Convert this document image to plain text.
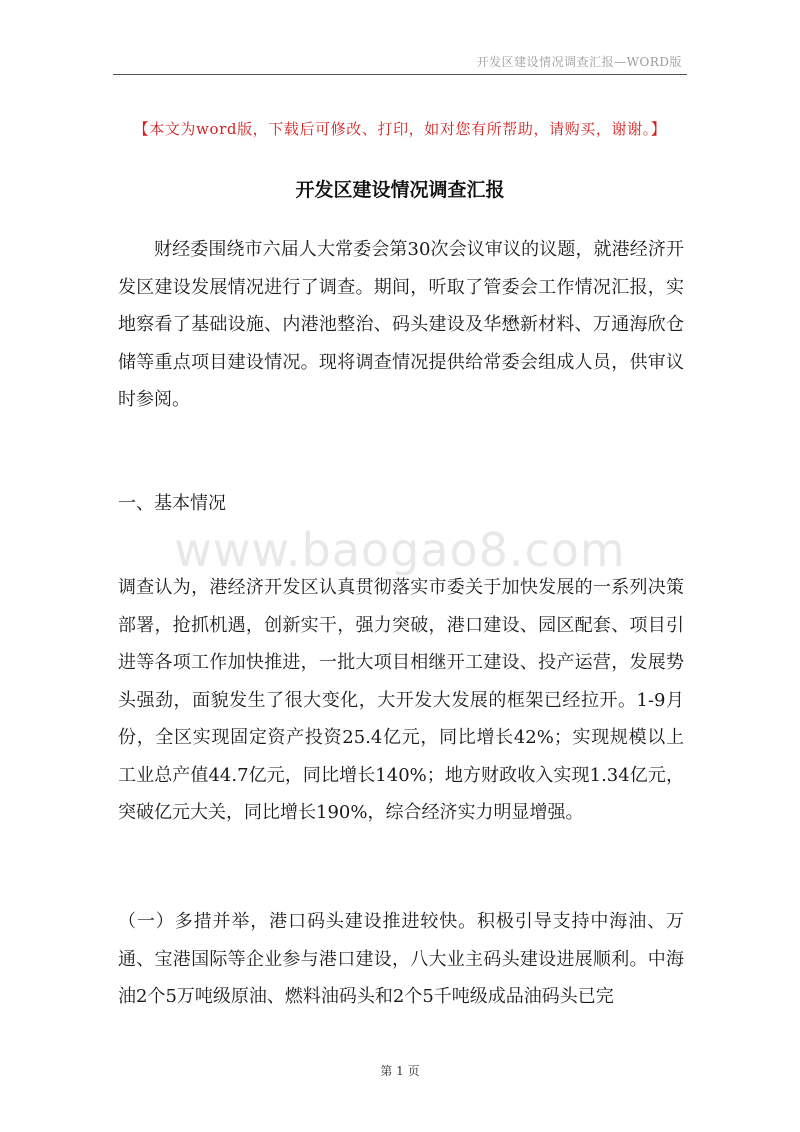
开发区建设情况调查汇报—WORD版
【本文为word版，下载后可修改、打印，如对您有所帮助，请购买，谢谢。】
开发区建设情况调查汇报
财经委围绕市六届人大常委会第30次会议审议的议题，就港经济开发区建设发展情况进行了调查。期间，听取了管委会工作情况汇报，实地察看了基础设施、内港池整治、码头建设及华懋新材料、万通海欣仓储等重点项目建设情况。现将调查情况提供给常委会组成人员，供审议时参阅。
一、基本情况
www.baogao8.com
调查认为，港经济开发区认真贯彻落实市委关于加快发展的一系列决策部署，抢抓机遇，创新实干，强力突破，港口建设、园区配套、项目引进等各项工作加快推进，一批大项目相继开工建设、投产运营，发展势头强劲，面貌发生了很大变化，大开发大发展的框架已经拉开。1-9月份，全区实现固定资产投资25.4亿元，同比增长42%；实现规模以上工业总产值44.7亿元，同比增长140%；地方财政收入实现1.34亿元，突破亿元大关，同比增长190%，综合经济实力明显增强。
（一）多措并举，港口码头建设推进较快。积极引导支持中海油、万通、宝港国际等企业参与港口建设，八大业主码头建设进展顺利。中海油2个5万吨级原油、燃料油码头和2个5千吨级成品油码头已完
第 1 页
